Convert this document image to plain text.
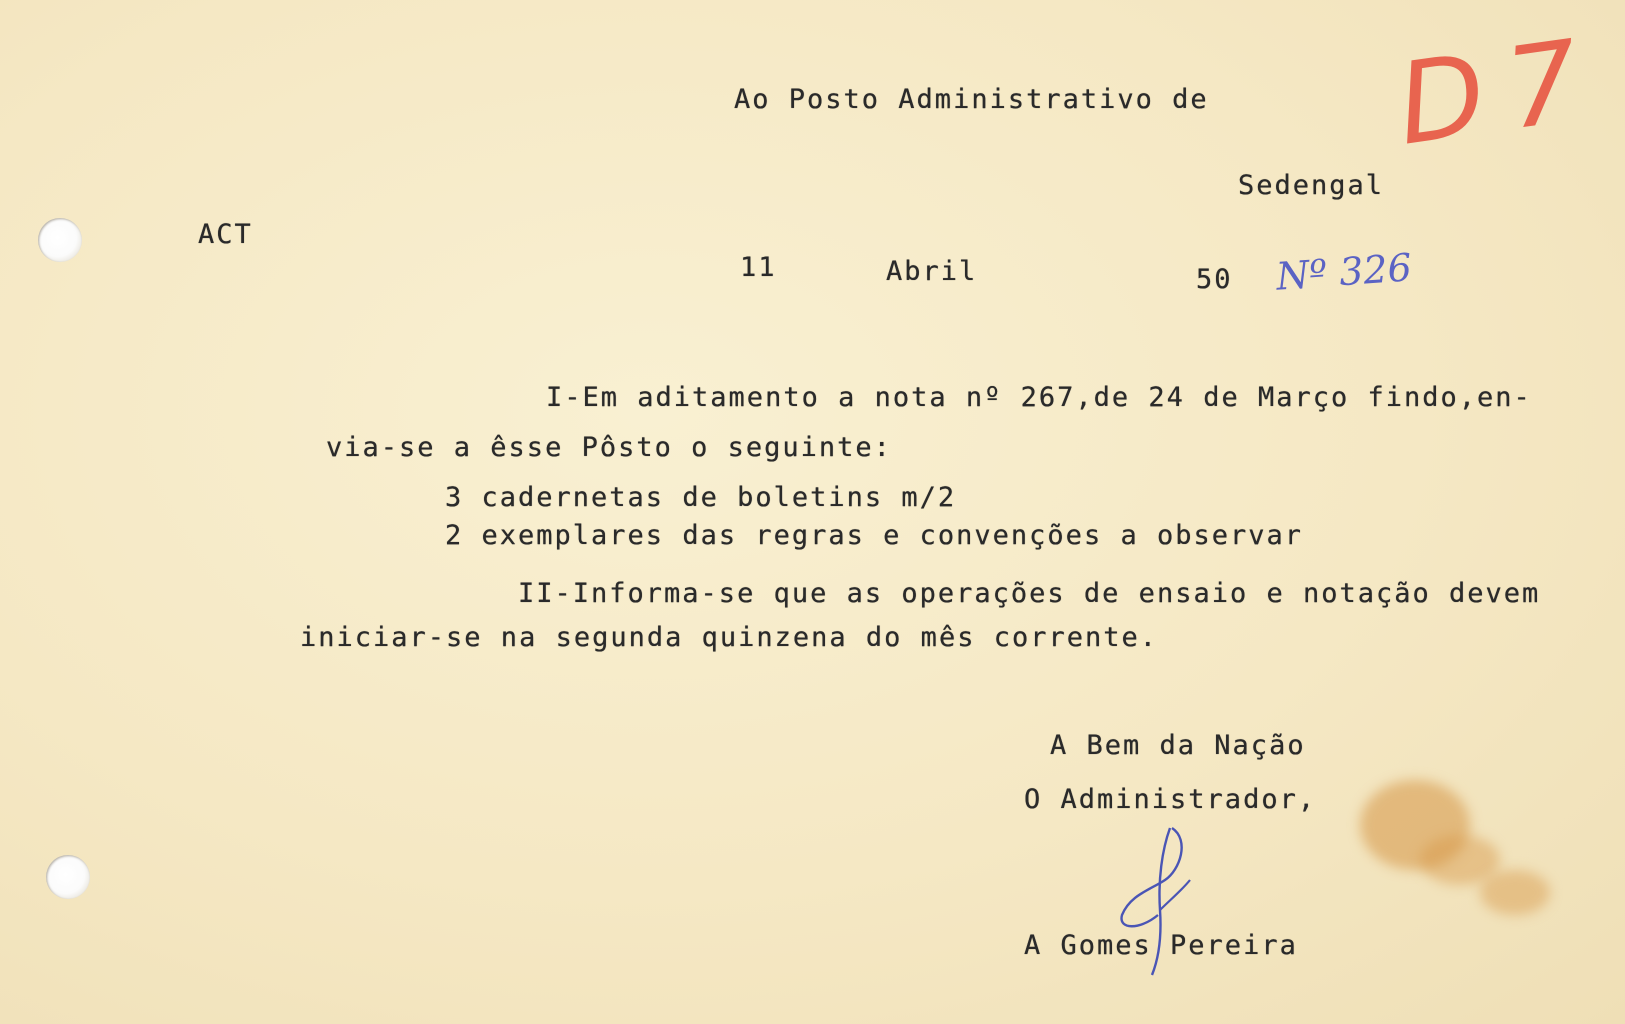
Ao Posto Administrativo de
Sedengal
ACT
11	Abril	50
D 7
Nº 326
I-Em aditamento a nota nº 267,de 24 de Março findo,en-
via-se a êsse Pôsto o seguinte:
3 cadernetas de boletins m/2
2 exemplares das regras e convenções a observar
II-Informa-se que as operações de ensaio e notação devem
iniciar-se na segunda quinzena do mês corrente.
A Bem da Nação
O Administrador,
A Gomes Pereira
